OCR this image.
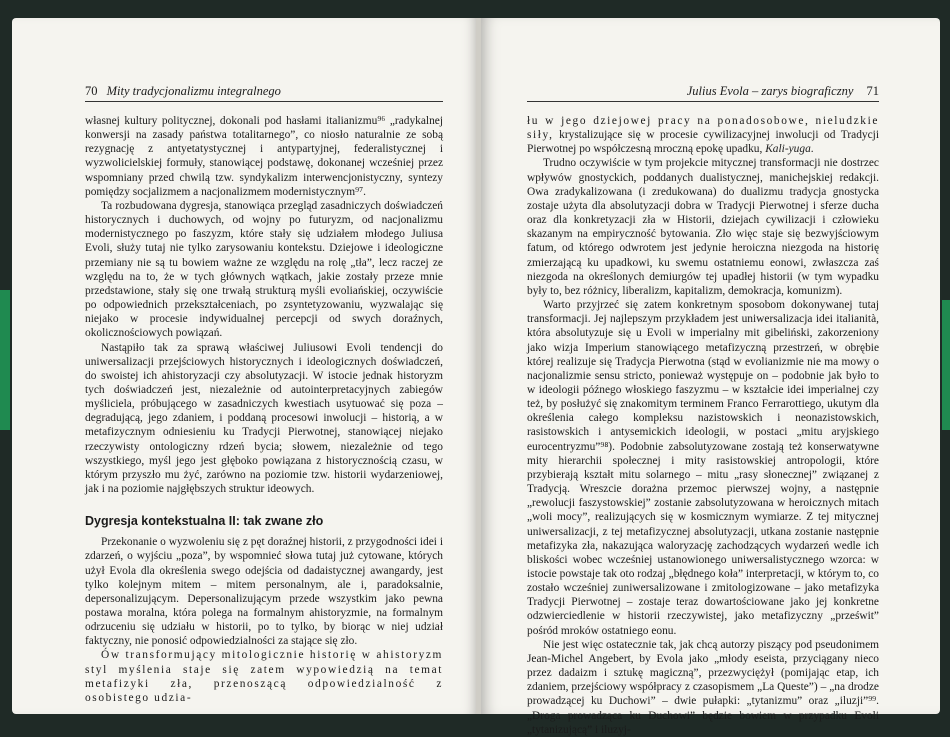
70 Mity tradycjonalizmu integralnego

własnej kultury politycznej, dokonali pod hasłami italianizmu⁹⁶ „radykalnej konwersji na zasady państwa totalitarnego”, co niosło naturalnie ze sobą rezygnację z antyetatystycznej i antypartyjnej, federalistycznej i wyzwolicielskiej formuły, stanowiącej podstawę, dokonanej wcześniej przez wspomniany przed chwilą tzw. syndykalizm interwencjonistyczny, syntezy pomiędzy socjalizmem a nacjonalizmem modernistycznym⁹⁷.

Ta rozbudowana dygresja, stanowiąca przegląd zasadniczych doświadczeń historycznych i duchowych, od wojny po futuryzm, od nacjonalizmu modernistycznego po faszyzm, które stały się udziałem młodego Juliusa Evoli, służy tutaj nie tylko zarysowaniu kontekstu. Dziejowe i ideologiczne przemiany nie są tu bowiem ważne ze względu na rolę „tła”, lecz raczej ze względu na to, że w tych głównych wątkach, jakie zostały przeze mnie przedstawione, stały się one trwałą strukturą myśli evoliańskiej, oczywiście po odpowiednich przekształceniach, po zsyntetyzowaniu, wyzwalając się niejako w procesie indywidualnej percepcji od swych doraźnych, okolicznościowych powiązań.

Nastąpiło tak za sprawą właściwej Juliusowi Evoli tendencji do uniwersalizacji przejściowych historycznych i ideologicznych doświadczeń, do swoistej ich ahistoryzacji czy absolutyzacji. W istocie jednak historyzm tych doświadczeń jest, niezależnie od autointerpretacyjnych zabiegów myśliciela, próbującego w zasadniczych kwestiach usytuować się poza – degradującą, jego zdaniem, i poddaną procesowi inwolucji – historią, a w metafizycznym odniesieniu ku Tradycji Pierwotnej, stanowiącej niejako rzeczywisty ontologiczny rdzeń bycia; słowem, niezależnie od tego wszystkiego, myśl jego jest głęboko powiązana z historycznością czasu, w którym przyszło mu żyć, zarówno na poziomie tzw. historii wydarzeniowej, jak i na poziomie najgłębszych struktur ideowych.

Dygresja kontekstualna II: tak zwane zło

Przekonanie o wyzwoleniu się z pęt doraźnej historii, z przygodności idei i zdarzeń, o wyjściu „poza”, by wspomnieć słowa tutaj już cytowane, których użył Evola dla określenia swego odejścia od dadaistycznej awangardy, jest tylko kolejnym mitem – mitem personalnym, ale i, paradoksalnie, depersonalizującym. Depersonalizującym przede wszystkim jako pewna postawa moralna, która polega na formalnym ahistoryzmie, na formalnym odrzuceniu się udziału w historii, po to tylko, by biorąc w niej udział faktyczny, nie ponosić odpowiedzialności za stające się zło.

Ów transformujący mitologicznie historię w ahistoryzm styl myślenia staje się zatem wypowiedzią na temat metafizyki zła, przenoszącą odpowiedzialność z osobistego udzia-

Julius Evola – zarys biograficzny 71

łu w jego dziejowej pracy na ponadosobowe, nieludzkie siły, krystalizujące się w procesie cywilizacyjnej inwolucji od Tradycji Pierwotnej po współczesną mroczną epokę upadku, Kali-yuga.

Trudno oczywiście w tym projekcie mitycznej transformacji nie dostrzec wpływów gnostyckich, poddanych dualistycznej, manichejskiej redakcji. Owa zradykalizowana (i zredukowana) do dualizmu tradycja gnostycka zostaje użyta dla absolutyzacji dobra w Tradycji Pierwotnej i sferze ducha oraz dla konkretyzacji zła w Historii, dziejach cywilizacji i człowieku skazanym na empiryczność bytowania. Zło więc staje się bezwyjściowym fatum, od którego odwrotem jest jedynie heroiczna niezgoda na historię zmierzającą ku upadkowi, ku swemu ostatniemu eonowi, zwłaszcza zaś niezgoda na określonych demiurgów tej upadłej historii (w tym wypadku były to, bez różnicy, liberalizm, kapitalizm, demokracja, komunizm).

Warto przyjrzeć się zatem konkretnym sposobom dokonywanej tutaj transformacji. Jej najlepszym przykładem jest uniwersalizacja idei italianità, która absolutyzuje się u Evoli w imperialny mit gibeliński, zakorzeniony jako wizja Imperium stanowiącego metafizyczną przestrzeń, w obrębie której realizuje się Tradycja Pierwotna (stąd w evolianizmie nie ma mowy o nacjonalizmie sensu stricto, ponieważ występuje on – podobnie jak było to w ideologii późnego włoskiego faszyzmu – w kształcie idei imperialnej czy też, by posłużyć się znakomitym terminem Franco Ferrarottiego, ukutym dla określenia całego kompleksu nazistowskich i neonazistowskich, rasistowskich i antysemickich ideologii, w postaci „mitu aryjskiego eurocentryzmu”⁹⁸). Podobnie zabsolutyzowane zostają też konserwatywne mity hierarchii społecznej i mity rasistowskiej antropologii, które przybierają kształt mitu solarnego – mitu „rasy słonecznej” związanej z Tradycją. Wreszcie dorażna przemoc pierwszej wojny, a następnie „rewolucji faszystowskiej” zostanie zabsolutyzowana w heroicznych mitach „woli mocy”, realizujących się w kosmicznym wymiarze. Z tej mitycznej uniwersalizacji, z tej metafizycznej absolutyzacji, utkana zostanie następnie metafizyka zła, nakazująca waloryzację zachodzących wydarzeń wedle ich bliskości wobec wcześniej ustanowionego uniwersalistycznego wzorca: w istocie powstaje tak oto rodzaj „błędnego koła” interpretacji, w którym to, co zostało wcześniej zuniwersalizowane i zmitologizowane – jako metafizyka Tradycji Pierwotnej – zostaje teraz dowartościowane jako jej konkretne odzwierciedlenie w historii rzeczywistej, jako metafizyczny „prześwit” pośród mroków ostatniego eonu.

Nie jest więc ostatecznie tak, jak chcą autorzy piszący pod pseudonimem Jean-Michel Angebert, by Evola jako „młody eseista, przyciągany nieco przez dadaizm i sztukę magiczną”, przezwyciężył (pomijając etap, ich zdaniem, przejściowy współpracy z czasopismem „La Queste”) – „na drodze prowadzącej ku Duchowi” – dwie pułapki: „tytanizmu” oraz „iluzji”⁹⁹. „Droga prowadząca ku Duchowi” będzie bowiem w przypadku Evoli „tytanizującą” i iluzyj-
